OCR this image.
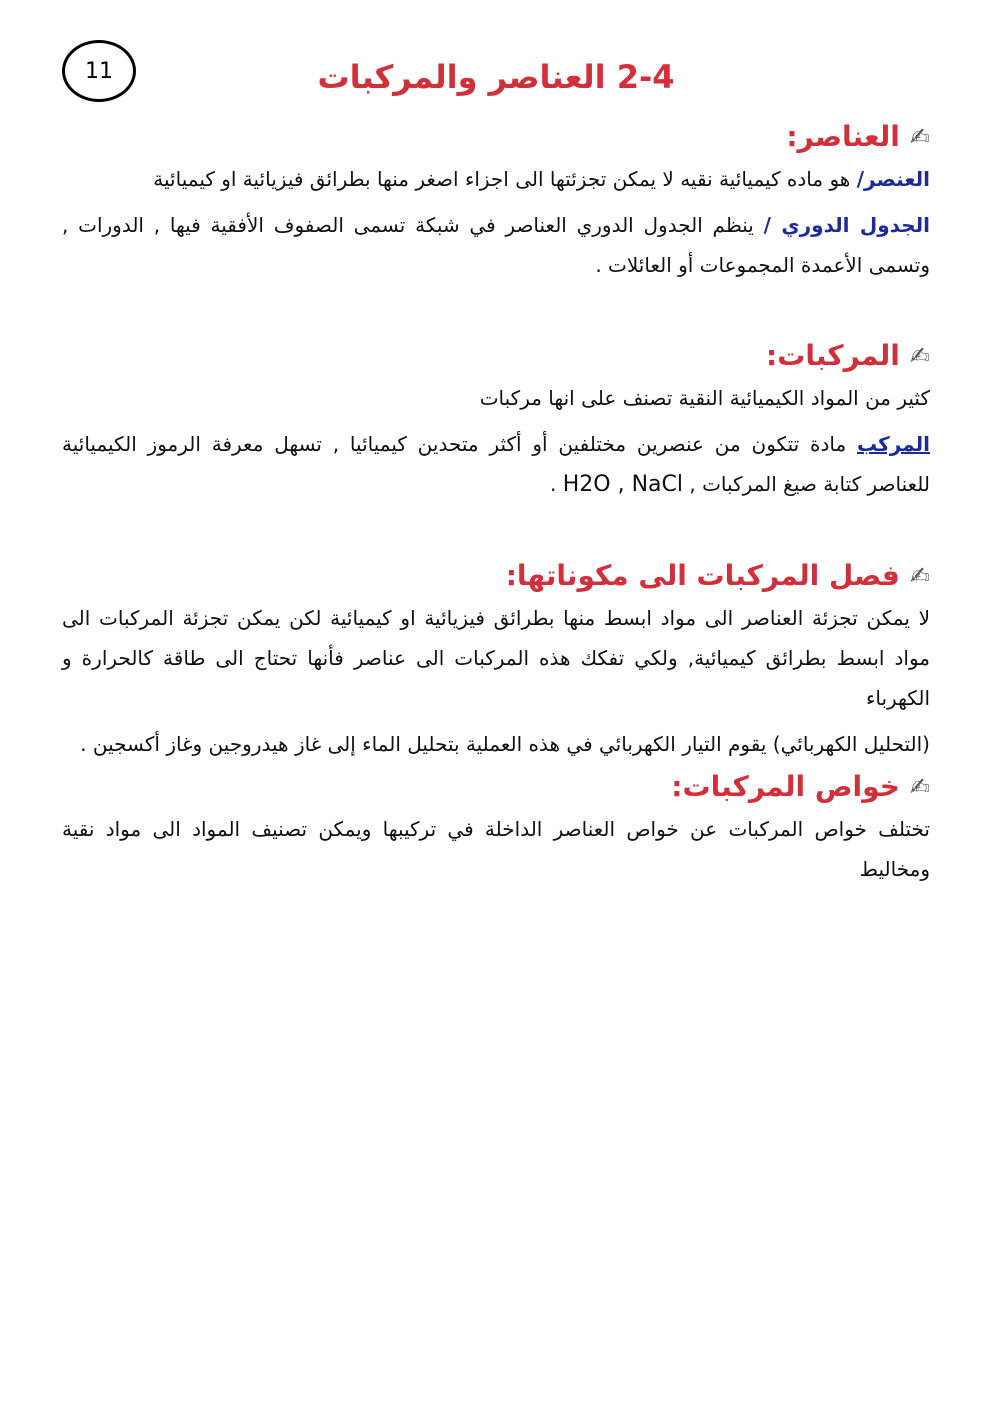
11	2-4 العناصر والمركبات
✍
العناصر:

العنصر/ هو ماده كيميائية نقيه لا يمكن تجزئتها الى اجزاء اصغر منها بطرائق فيزيائية او كيميائية

الجدول الدوري / ينظم الجدول الدوري العناصر في شبكة تسمى الصفوف الأفقية فيها , الدورات , وتسمى الأعمدة المجموعات أو العائلات .

✍
المركبات:

كثير من المواد الكيميائية النقية تصنف على انها مركبات

المركب مادة تتكون من عنصرين مختلفين أو أكثر متحدين كيميائيا , تسهل معرفة الرموز الكيميائية للعناصر كتابة صيغ المركبات , H2O , NaCl .

✍
فصل المركبات الى مكوناتها:

لا يمكن تجزئة العناصر الى مواد ابسط منها بطرائق فيزيائية او كيميائية لكن يمكن تجزئة المركبات الى مواد ابسط بطرائق كيميائية, ولكي تفكك هذه المركبات الى عناصر فأنها تحتاج الى طاقة كالحرارة و الكهرباء

(التحليل الكهربائي) يقوم التيار الكهربائي في هذه العملية بتحليل الماء إلى غاز هيدروجين وغاز أكسجين .

✍
خواص المركبات:

تختلف خواص المركبات عن خواص العناصر الداخلة في تركيبها ويمكن تصنيف المواد الى مواد نقية ومخاليط
